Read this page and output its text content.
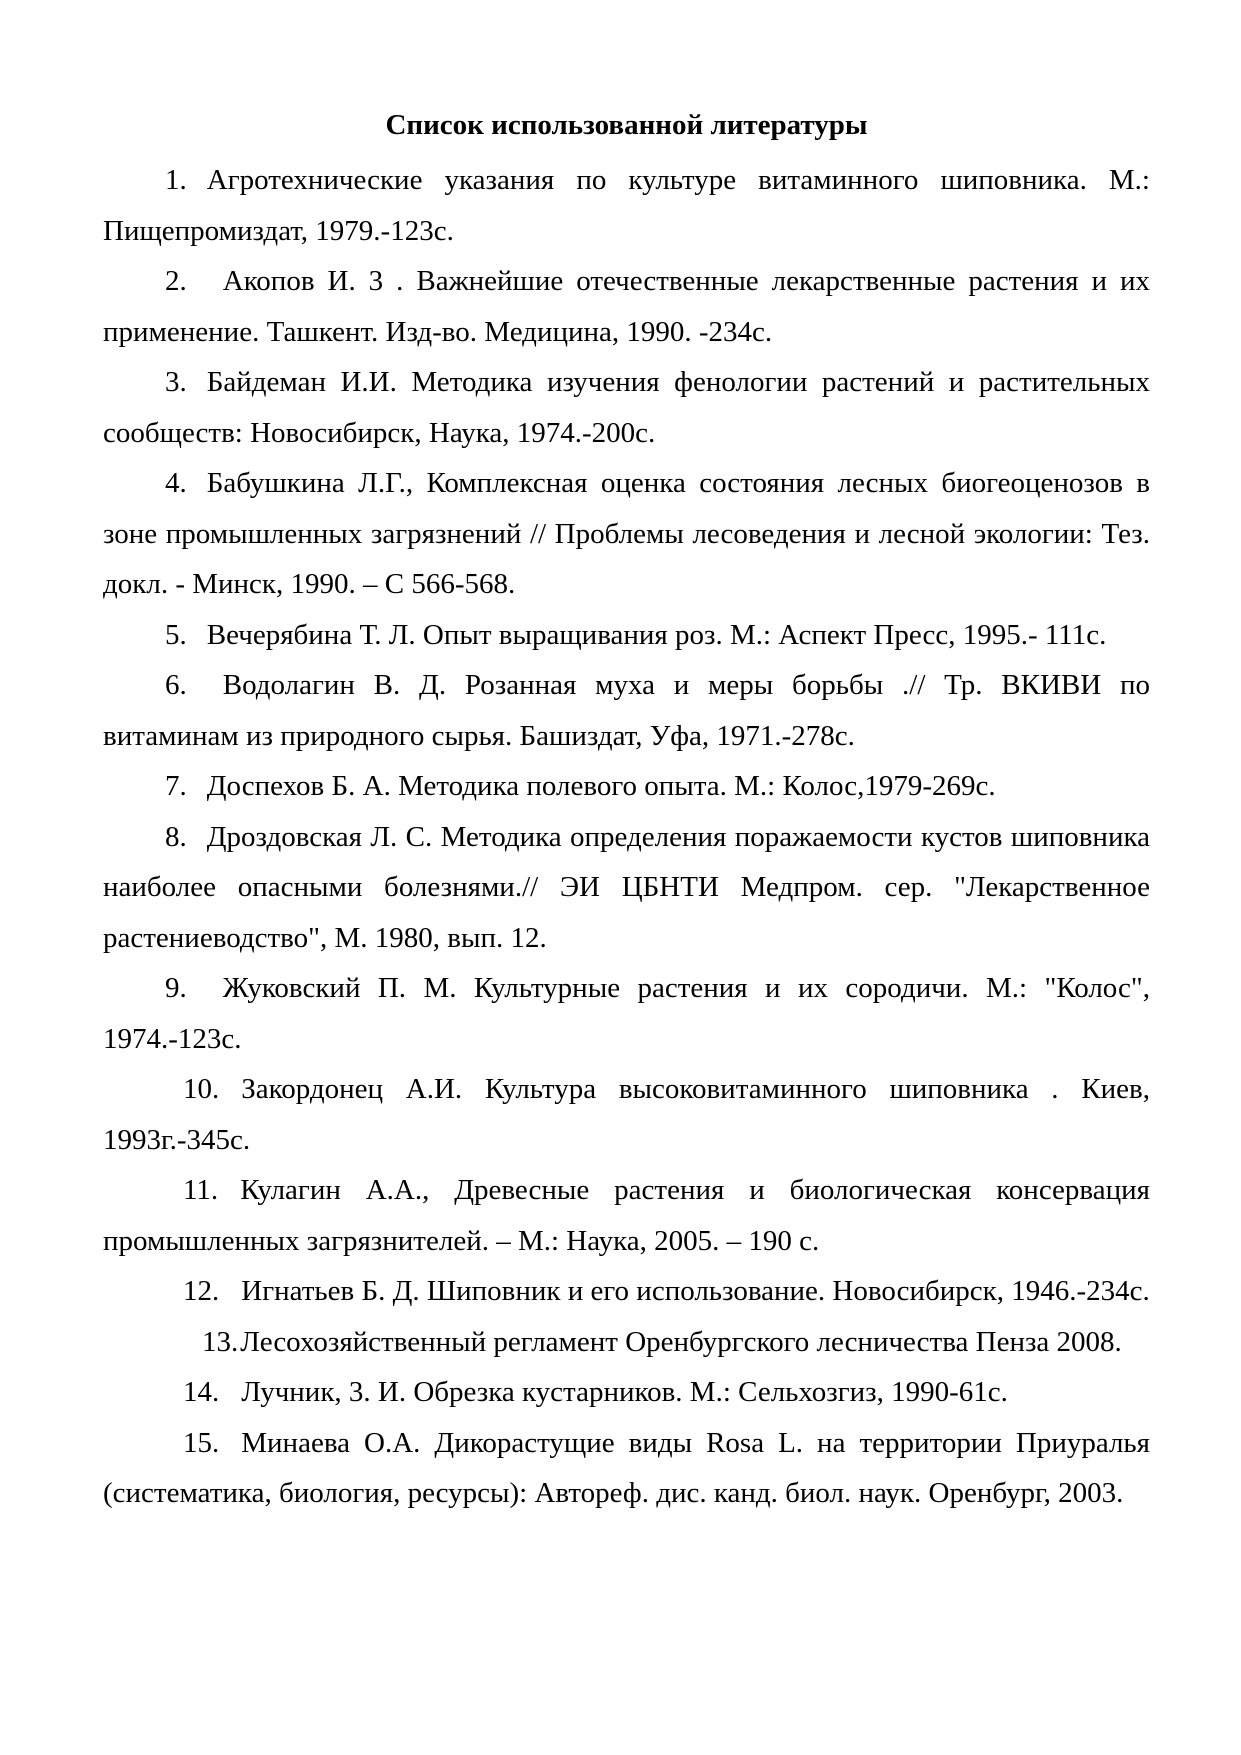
Список использованной литературы

1. Агротехнические указания по культуре витаминного шиповника. М.: Пищепромиздат, 1979.-123с.

2. Акопов И. 3 . Важнейшие отечественные лекарственные растения и их применение. Ташкент. Изд-во. Медицина, 1990. -234с.

3. Байдеман И.И. Методика изучения фенологии растений и растительных сообществ: Новосибирск, Наука, 1974.-200с.

4. Бабушкина Л.Г., Комплексная оценка состояния лесных биогеоценозов в зоне промышленных загрязнений // Проблемы лесоведения и лесной экологии: Тез. докл. - Минск, 1990. – С 566-568.

5. Вечерябина Т. Л. Опыт выращивания роз. М.: Аспект Пресс, 1995.- 111с.

6. Водолагин В. Д. Розанная муха и меры борьбы .// Тр. ВКИВИ по витаминам из природного сырья. Башиздат, Уфа, 1971.-278с.

7. Доспехов Б. А. Методика полевого опыта. М.: Колос,1979-269с.

8. Дроздовская Л. С. Методика определения поражаемости кустов шиповника наиболее опасными болезнями.// ЭИ ЦБНТИ Медпром. сер. "Лекарственное растениеводство", М. 1980, вып. 12.

9. Жуковский П. М. Культурные растения и их сородичи. М.: "Колос", 1974.-123с.

10. Закордонец А.И. Культура высоковитаминного шиповника . Киев, 1993г.-345с.

11. Кулагин А.А., Древесные растения и биологическая консервация промышленных загрязнителей. – М.: Наука, 2005. – 190 с.

12. Игнатьев Б. Д. Шиповник и его использование. Новосибирск, 1946.-234с.

13.Лесохозяйственный регламент Оренбургского лесничества Пенза 2008.

14. Лучник, 3. И. Обрезка кустарников. М.: Сельхозгиз, 1990-61с.

15. Минаева О.А. Дикорастущие виды Rosa L. на территории Приуралья (систематика, биология, ресурсы): Автореф. дис. канд. биол. наук. Оренбург, 2003.
